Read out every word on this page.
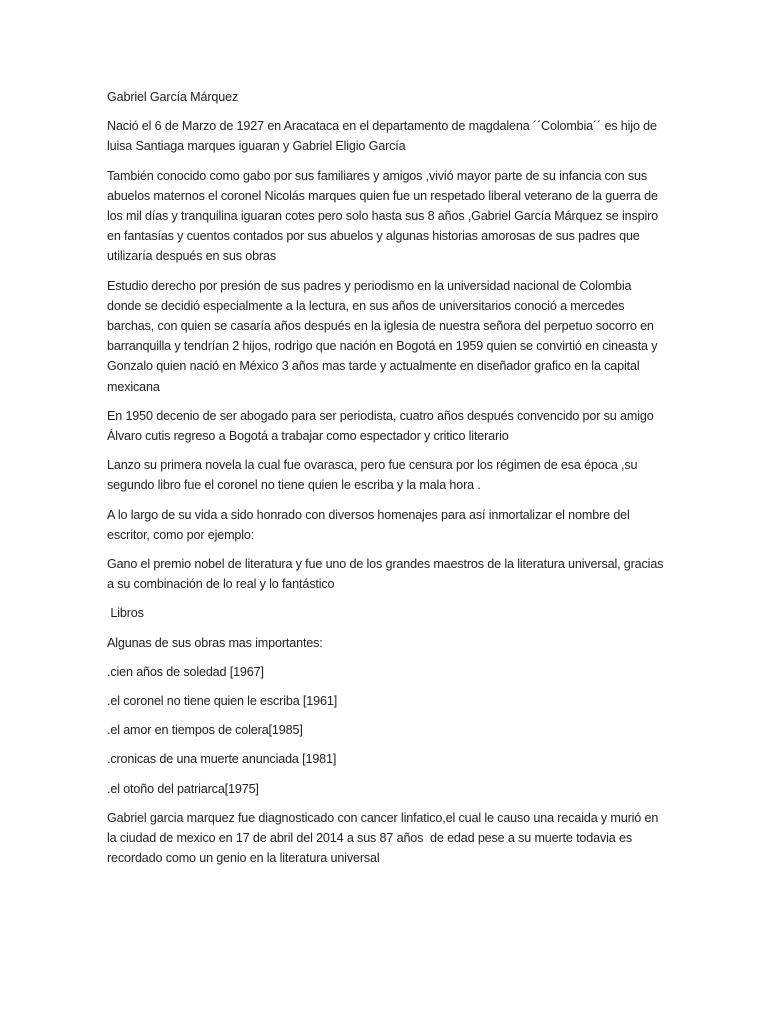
Gabriel García Márquez

Nació el 6 de Marzo de 1927 en Aracataca en el departamento de magdalena ´´Colombia´´ es hijo de luisa Santiaga marques iguaran y Gabriel Eligio García

También conocido como gabo por sus familiares y amigos ,vivió mayor parte de su infancia con sus abuelos maternos el coronel Nicolás marques quien fue un respetado liberal veterano de la guerra de los mil días y tranquilina iguaran cotes pero solo hasta sus 8 años ,Gabriel García Márquez se inspiro en fantasías y cuentos contados por sus abuelos y algunas historias amorosas de sus padres que utilizaría después en sus obras

Estudio derecho por presión de sus padres y periodismo en la universidad nacional de Colombia donde se decidió especialmente a la lectura, en sus años de universitarios conoció a mercedes barchas, con quien se casaría años después en la iglesia de nuestra señora del perpetuo socorro en barranquilla y tendrían 2 hijos, rodrigo que nación en Bogotá en 1959 quien se convirtió en cineasta y Gonzalo quien nació en México 3 años mas tarde y actualmente en diseñador grafico en la capital mexicana

En 1950 decenio de ser abogado para ser periodista, cuatro años después convencido por su amigo Álvaro cutis regreso a Bogotá a trabajar como espectador y critico literario

Lanzo su primera novela la cual fue ovarasca, pero fue censura por los régimen de esa época ,su segundo libro fue el coronel no tiene quien le escriba y la mala hora .

A lo largo de su vida a sido honrado con diversos homenajes para así inmortalizar el nombre del escritor, como por ejemplo:

Gano el premio nobel de literatura y fue uno de los grandes maestros de la literatura universal, gracias a su combinación de lo real y lo fantástico

Libros

Algunas de sus obras mas importantes:

.cien años de soledad [1967]

.el coronel no tiene quien le escriba [1961]

.el amor en tiempos de colera[1985]

.cronicas de una muerte anunciada [1981]

.el otoño del patriarca[1975]

Gabriel garcia marquez fue diagnosticado con cancer linfatico,el cual le causo una recaida y murió en la ciudad de mexico en 17 de abril del 2014 a sus 87 años  de edad pese a su muerte todavia es recordado como un genio en la literatura universal
